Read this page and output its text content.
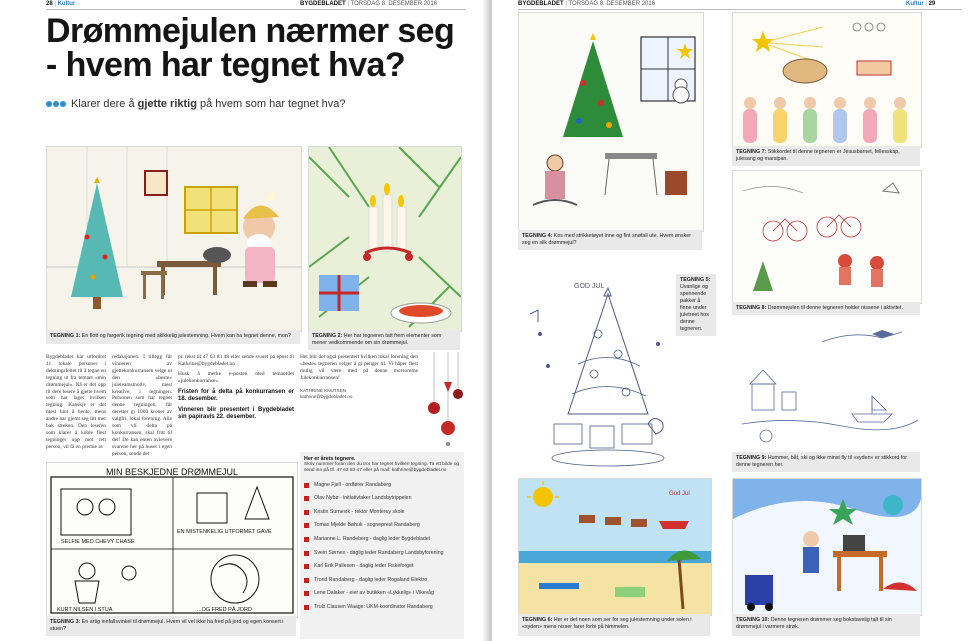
28 | Kultur	BYGDEBLADET | TORSDAG 8. DESEMBER 2016
Drømmejulen nærmer seg - hvem har tegnet hva?
Klarer dere å gjette riktig på hvem som har tegnet hva?
TEGNING 1: En flott og fargerik tegning med skikkelig julestemning. Hvem kan ha tegnet denne, mon?	TEGNING 2: Her har tegneren tatt frem elementer som mener vedkommende om sin drømmejul.

Bygdebladet har utfordret 11 lokale personer i dekningsfeltet til å tegne en tegning ut fra temaet «min drømmejul». Nå er det opp til dere lesere å gjette hvem som har laget hvilken tegning. Kanskje er det mest hint å hente, mens andre har gjemt seg litt mer bak streken. Den leseren som klarer å koble flest tegninger opp mot rett person, vil få en premie av

redaksjonen. I tillegg får vinneren av gjettekonkurransen velge ut den «beste» juleteamsmotiv, mest kreative, i tegningen. Personen som har tegnet denne tegningen, får deretter gi 1000 kroner av valgfri, lokal forening. Alle som vil delta på konkurransen, skal fritt til det! De kan enten avlevere svarene her på huset i egen person, sende det

pr. tekst til 47 63 83 48 eller sende svaret på epost til Kathrine@bygdebladet.no

Husk å merke e-posten med temaordet «julekonkurranse».

Fristen for å delta på konkurransen er 18. desember.
Vinneren blir presentert i Bygdebladet sin papiravis 22. desember.

Her blir det også presentert hvilken lokal forening den «beste» tegneren velger å gi penger til. Vi håper flest mulig vil være med på denne morsomme Julekonkurransen!

KATHRINE KNUTSEN
kathrine@bygdebladet.no
MIN BESKJEDNE DRØMMEJUL
SELFIE MED CHEVY CHASE
EN MISTENKELIG UTFORMET GAVE
KURT NILSEN I STUA	...OG FRED PÅ JORD
TEGNING 3: En artig innfallsvinkel til drømmejul. Hvem vil vel ikke ha fred på jord og egen konsert i stuen?
Her er årets tegnere.
Skriv nummer foran den du tror har tegnet hvilken tegning. Ta ett bilde og send inn på tlf. 47 63 83 47 eller på mail: kathrine@bygdebladet.no
Magne Fjell - ordfører Randaberg
Olav Nybø - initiativtaker Landsbytrippelen
Kristin Surnevik - rektor Monterey skole
Tomas Mjelde Bøhuk - sogneprest Randaberg
Marianne L. Randeberg - daglig leder Bygdebladet
Svein Sørnes - daglig leder Randaberg Landsbyforening
Karl Erik Pallesen - daglig leder Fiskeforget
Trond Randaberg - daglig leder Rogaland Elektro
Lene Dalaker - eier av butikken «Lykkelig» i Vikevåg
Truls Clausen Waage: UKM-koordinator Randaberg
BYGDEBLADET | TORSDAG 8. DESEMBER 2016	Kultur | 29
TEGNING 4: Kos med strikketøyet inne og fint snøfall ute. Hvem ønsker seg en slik drømmejul?
TEGNING 7: Stikkordet til denne tegneren er Jesusbarnet, fellesskap, julesang og marsipan.
GOD JUL
TEGNING 5: Uvanlige og spennende pakker å finne under juletreet hos denne tegneren.
TEGNING 8: Drømmejulen til denne tegneren holder nissene i aktivitet.
TEGNING 9: Hummer, båt, ski og ikke minst fly til «syden» er stikkord for denne tegneren her.
God Jul
TEGNING 6: Her er det noen som ser for seg julestemning under solen i «syden» mens nisser farer forbi på himmelen.
TEGNING 10: Denne tegneren drømmer seg bokstavelig talt til sin drømmejul i varmere strøk.
